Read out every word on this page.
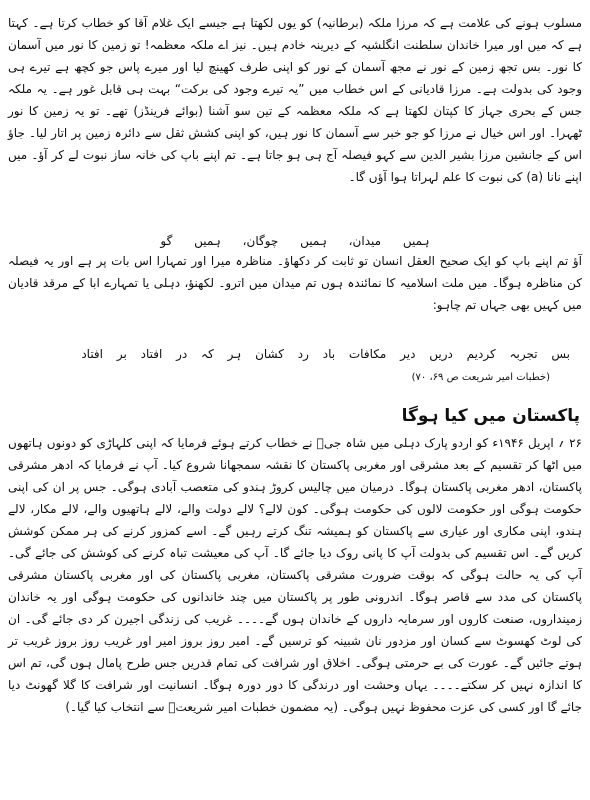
مسلوب ہونے کی علامت ہے کہ مرزا ملکہ (برطانیہ) کو یوں لکھتا ہے جیسے ایک غلام آقا کو خطاب کرتا ہے۔ کہتا ہے کہ میں اور میرا خاندان سلطنت انگلشیہ کے دیرینہ خادم ہیں۔ نیز اے ملکہ معظمہ! تو زمین کا نور میں آسمان کا نور۔ بس تجھ زمین کے نور نے مجھ آسمان کے نور کو اپنی طرف کھینچ لیا اور میرے پاس جو کچھ ہے تیرے ہی وجود کی بدولت ہے۔ مرزا قادیانی کے اس خطاب میں ”یہ تیرے وجود کی برکت“ بہت ہی قابل غور ہے۔ یہ ملکہ جس کے بحری جہاز کا کپتان لکھتا ہے کہ ملکہ معظمہ کے تین سو آشنا (بوائے فرینڈز) تھے۔ تو یہ زمین کا نور ٹھہرا۔ اور اس خیال نے مرزا کو جو خبر سے آسمان کا نور ہیں، کو اپنی کشش ثقل سے دائرہ زمین پر اتار لیا۔ جاؤ اس کے جانشین مرزا بشیر الدین سے کہو فیصلہ آج ہی ہو جاتا ہے۔ تم اپنے باپ کی خانہ ساز نبوت لے کر آؤ۔ میں اپنے نانا (a) کی نبوت کا علم لہراتا ہوا آؤں گا۔

ہمیں میدان، ہمیں چوگان، ہمیں گو

آؤ تم اپنے باپ کو ایک صحیح العقل انسان تو ثابت کر دکھاؤ۔ مناظرہ میرا اور تمہارا اس بات پر ہے اور یہ فیصلہ کن مناظرہ ہوگا۔ میں ملت اسلامیہ کا نمائندہ ہوں تم میدان میں اترو۔ لکھنؤ، دہلی یا تمہارے ابا کے مرقد قادیان میں کہیں بھی جہاں تم چاہو:

بس تجربہ کردیم دریں دیر مکافات باد رد کشان ہر کہ در افتاد بر افتاد
(خطبات امیر شریعت ص ۶۹، ۷۰)
پاکستان میں کیا ہوگا

۲۶ ؍ اپریل ۱۹۴۶ء کو اردو پارک دہلی میں شاہ جیؒ نے خطاب کرتے ہوئے فرمایا کہ اپنی کلہاڑی کو دونوں ہاتھوں میں اٹھا کر تقسیم کے بعد مشرقی اور مغربی پاکستان کا نقشہ سمجھانا شروع کیا۔ آپ نے فرمایا کہ ادھر مشرقی پاکستان، ادھر مغربی پاکستان ہوگا۔ درمیان میں چالیس کروڑ ہندو کی متعصب آبادی ہوگی۔ جس پر ان کی اپنی حکومت ہوگی اور حکومت لالوں کی حکومت ہوگی۔ کون لالے؟ لالے دولت والے، لالے ہاتھیوں والے، لالے مکار، لالے ہندو، اپنی مکاری اور عیاری سے پاکستان کو ہمیشہ تنگ کرتے رہیں گے۔ اسے کمزور کرنے کی ہر ممکن کوشش کریں گے۔ اس تقسیم کی بدولت آپ کا پانی روک دیا جائے گا۔ آپ کی معیشت تباہ کرنے کی کوشش کی جائے گی۔ آپ کی یہ حالت ہوگی کہ بوقت ضرورت مشرقی پاکستان، مغربی پاکستان کی اور مغربی پاکستان مشرقی پاکستان کی مدد سے قاصر ہوگا۔ اندرونی طور پر پاکستان میں چند خاندانوں کی حکومت ہوگی اور یہ خاندان زمینداروں، صنعت کاروں اور سرمایہ داروں کے خاندان ہوں گے۔۔۔۔ غریب کی زندگی اجیرن کر دی جائے گی۔ ان کی لوٹ کھسوٹ سے کسان اور مزدور نان شبینہ کو ترسیں گے۔ امیر روز بروز امیر اور غریب روز بروز غریب تر ہوتے جائیں گے۔ عورت کی بے حرمتی ہوگی۔ اخلاق اور شرافت کی تمام قدریں جس طرح پامال ہوں گی، تم اس کا اندازہ نہیں کر سکتے۔۔۔۔ یہاں وحشت اور درندگی کا دور دورہ ہوگا۔ انسانیت اور شرافت کا گلا گھونٹ دیا جائے گا اور کسی کی عزت محفوظ نہیں ہوگی۔ (یہ مضمون خطبات امیر شریعتؒ سے انتخاب کیا گیا۔)
